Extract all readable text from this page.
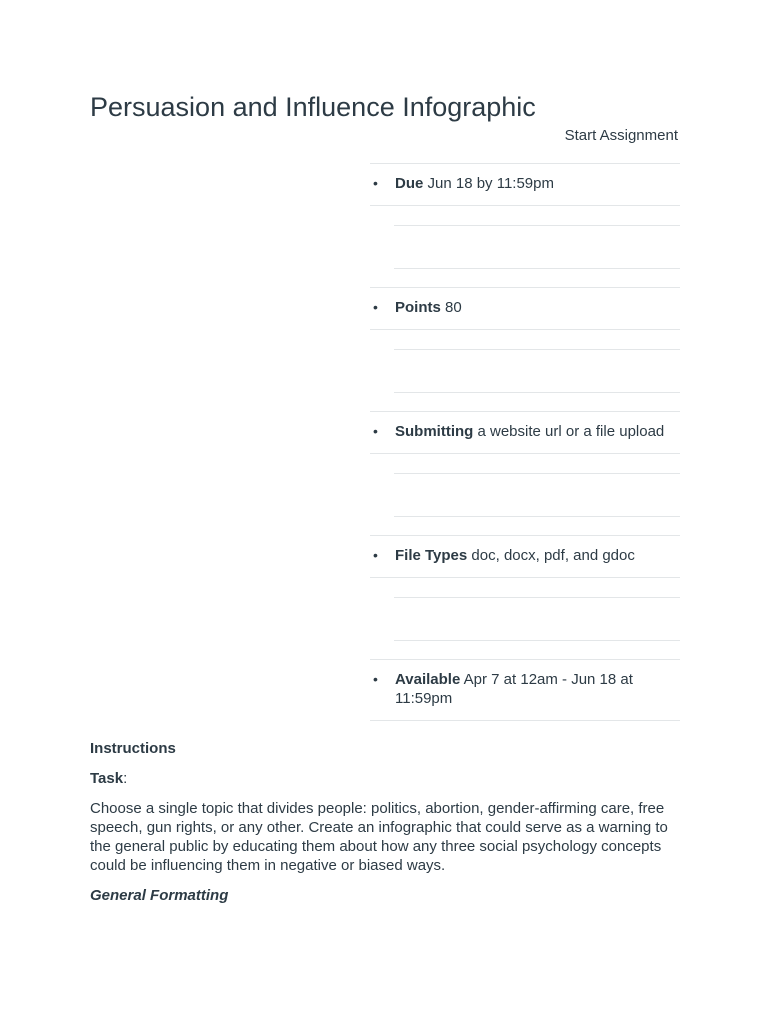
Persuasion and Influence Infographic
Start Assignment
• Due Jun 18 by 11:59pm
• Points 80
• Submitting a website url or a file upload
• File Types doc, docx, pdf, and gdoc
• Available Apr 7 at 12am - Jun 18 at 11:59pm

Instructions

Task:

Choose a single topic that divides people: politics, abortion, gender-affirming care, free speech, gun rights, or any other. Create an infographic that could serve as a warning to the general public by educating them about how any three social psychology concepts could be influencing them in negative or biased ways.

General Formatting
